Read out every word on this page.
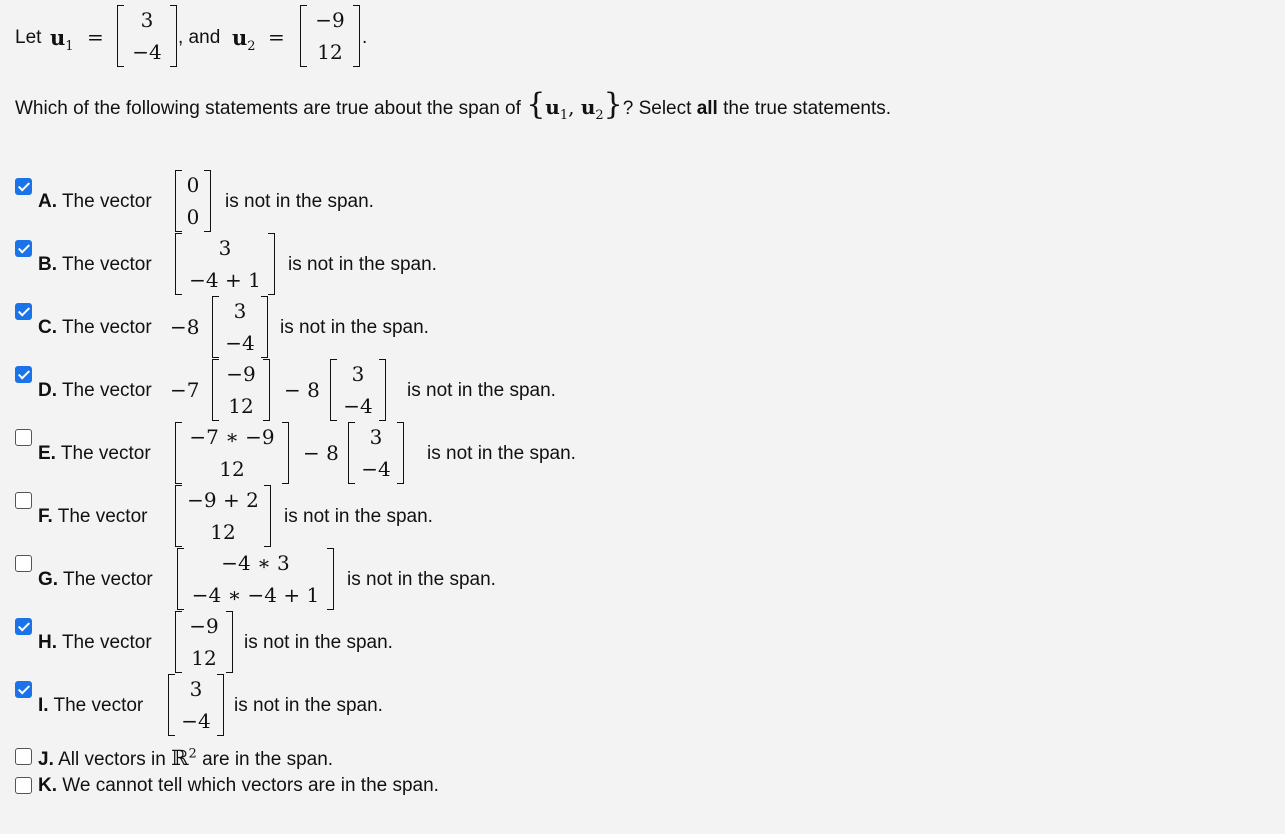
Let $u_1$ =
3
−4
, and $u_2$ =
−9
12
.
Which of the following statements are true about the span of {$u_1$, $u_2$}? Select all the true statements.
A. The vector
0
0
is not in the span.
B. The vector
3
−4 + 1
is not in the span.
C. The vector −8
3
−4
is not in the span.
D. The vector −7
−9
12
− 8
3
−4
is not in the span.
E. The vector
−7 ∗ −9
12
− 8
3
−4
is not in the span.
F. The vector
−9 + 2
12
is not in the span.
G. The vector
−4 ∗ 3
−4 ∗ −4 + 1
is not in the span.
H. The vector
−9
12
is not in the span.
I. The vector
3
−4
is not in the span.
J. All vectors in ℝ$^2$ are in the span.
K. We cannot tell which vectors are in the span.
